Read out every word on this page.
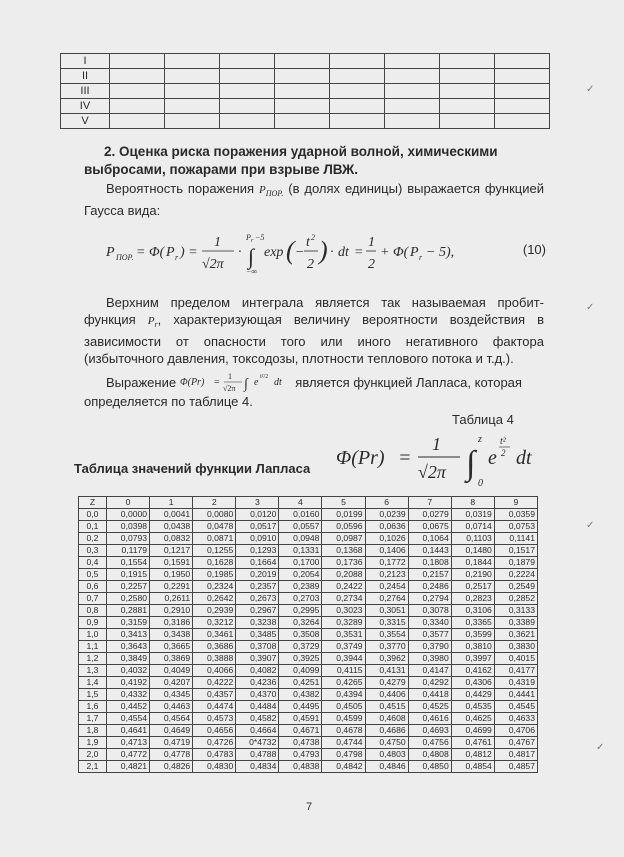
I								
II								
III								
IV								
V								
2. Оценка риска поражения ударной волной, химическими выбросами, пожарами при взрыве ЛВЖ.
Вероятность поражения $P_{ПОР.}$ (в долях единицы) выражается функцией Гаусса вида:
P ПОР. = Φ( P r ) =
1
√2π
·
P r −5
∫
−∞
exp ( −
t 2
2 ) · dt =
1
2
+ Φ( P r − 5),	(10)
Верхним пределом интеграла является так называемая пробит-функция $P_r$, характеризующая величину вероятности воздействия в зависимости от опасности того или иного негативного фактора (избыточного давления, токсодозы, плотности теплового потока и т.д.).
Выражение Φ(Pr) =
1
√2π ∫ e t²/2 dt является функцией Лапласа, которая определяется по таблице 4.
Таблица 4
Таблица значений функции Лапласа Φ(Pr) =
1
√2π ∫
z
0
e
t²
2 dt
Z	0	1	2	3	4	5	6	7	8	9
0,0	0,0000	0,0041	0,0080	0,0120	0,0160	0,0199	0,0239	0,0279	0,0319	0,0359
0,1	0,0398	0,0438	0,0478	0,0517	0,0557	0,0596	0,0636	0,0675	0,0714	0,0753
0,2	0,0793	0,0832	0,0871	0,0910	0,0948	0,0987	0,1026	0,1064	0,1103	0,1141
0,3	0,1179	0,1217	0,1255	0,1293	0,1331	0,1368	0,1406	0,1443	0,1480	0,1517
0,4	0,1554	0,1591	0,1628	0,1664	0,1700	0,1736	0,1772	0,1808	0,1844	0,1879
0,5	0,1915	0,1950	0,1985	0,2019	0,2054	0,2088	0,2123	0,2157	0,2190	0,2224
0,6	0,2257	0,2291	0,2324	0,2357	0,2389	0,2422	0,2454	0,2486	0,2517	0,2549
0,7	0,2580	0,2611	0,2642	0,2673	0,2703	0,2734	0,2764	0,2794	0,2823	0,2852
0,8	0,2881	0,2910	0,2939	0,2967	0,2995	0,3023	0,3051	0,3078	0,3106	0,3133
0,9	0,3159	0,3186	0,3212	0,3238	0,3264	0,3289	0,3315	0,3340	0,3365	0,3389
1,0	0,3413	0,3438	0,3461	0,3485	0,3508	0,3531	0,3554	0,3577	0,3599	0,3621
1,1	0,3643	0,3665	0,3686	0,3708	0,3729	0,3749	0,3770	0,3790	0,3810	0,3830
1,2	0,3849	0,3869	0,3888	0,3907	0,3925	0,3944	0,3962	0,3980	0,3997	0,4015
1,3	0,4032	0,4049	0,4066	0,4082	0,4099	0,4115	0,4131	0,4147	0,4162	0,4177
1,4	0,4192	0,4207	0,4222	0,4236	0,4251	0,4265	0,4279	0,4292	0,4306	0,4319
1,5	0,4332	0,4345	0,4357	0,4370	0,4382	0,4394	0,4406	0,4418	0,4429	0,4441
1,6	0,4452	0,4463	0,4474	0,4484	0,4495	0,4505	0,4515	0,4525	0,4535	0,4545
1,7	0,4554	0,4564	0,4573	0,4582	0,4591	0,4599	0,4608	0,4616	0,4625	0,4633
1,8	0,4641	0,4649	0,4656	0,4664	0,4671	0,4678	0,4686	0,4693	0,4699	0,4706
1,9	0,4713	0,4719	0,4726	0*4732	0,4738	0,4744	0,4750	0,4756	0,4761	0,4767
2,0	0,4772	0,4778	0,4783	0,4788	0,4793	0,4798	0,4803	0,4808	0,4812	0,4817
2,1	0,4821	0,4826	0,4830	0,4834	0,4838	0,4842	0,4846	0,4850	0,4854	0,4857
7
✓
✓
✓
✓
